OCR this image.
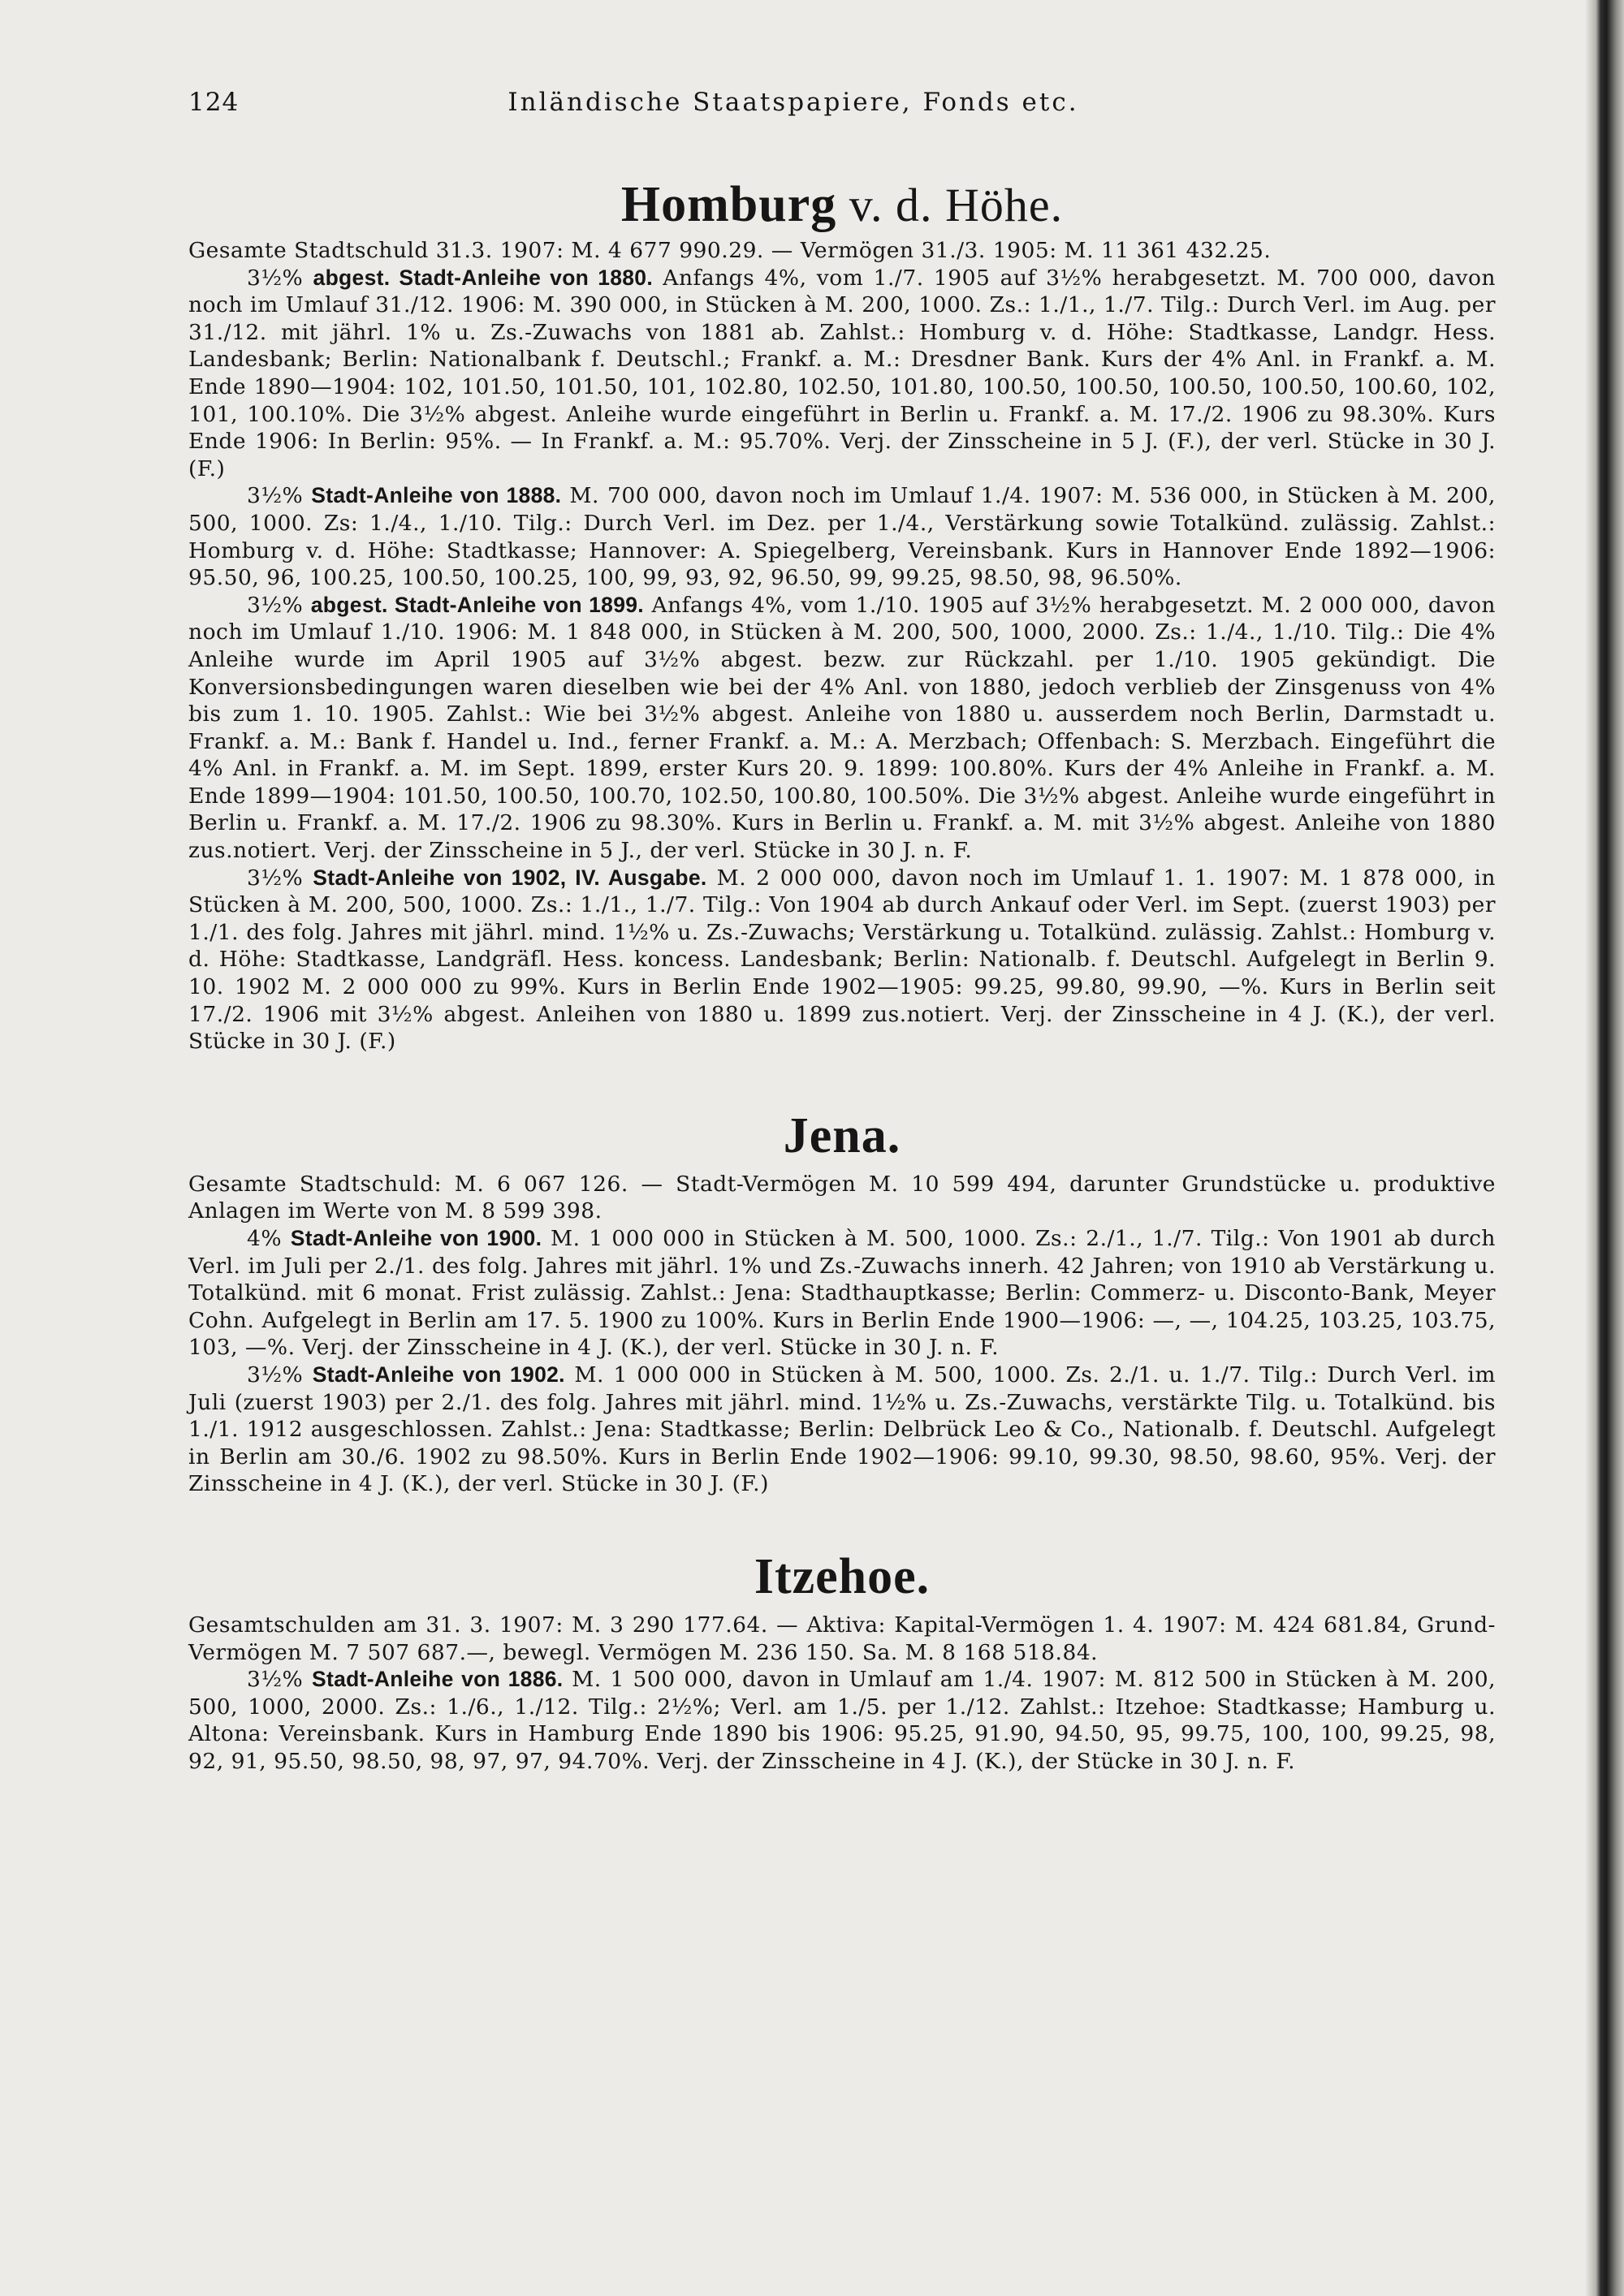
124	Inländische Staatspapiere, Fonds etc.
Homburg v. d. Höhe.

Gesamte Stadtschuld 31.3. 1907: M. 4 677 990.29. — Vermögen 31./3. 1905: M. 11 361 432.25.

3½% abgest. Stadt-Anleihe von 1880. Anfangs 4%, vom 1./7. 1905 auf 3½% herabgesetzt. M. 700 000, davon noch im Umlauf 31./12. 1906: M. 390 000, in Stücken à M. 200, 1000. Zs.: 1./1., 1./7. Tilg.: Durch Verl. im Aug. per 31./12. mit jährl. 1% u. Zs.-Zuwachs von 1881 ab. Zahlst.: Homburg v. d. Höhe: Stadtkasse, Landgr. Hess. Landesbank; Berlin: Nationalbank f. Deutschl.; Frankf. a. M.: Dresdner Bank. Kurs der 4% Anl. in Frankf. a. M. Ende 1890—1904: 102, 101.50, 101.50, 101, 102.80, 102.50, 101.80, 100.50, 100.50, 100.50, 100.50, 100.60, 102, 101, 100.10%. Die 3½% abgest. Anleihe wurde eingeführt in Berlin u. Frankf. a. M. 17./2. 1906 zu 98.30%. Kurs Ende 1906: In Berlin: 95%. — In Frankf. a. M.: 95.70%. Verj. der Zinsscheine in 5 J. (F.), der verl. Stücke in 30 J. (F.)

3½% Stadt-Anleihe von 1888. M. 700 000, davon noch im Umlauf 1./4. 1907: M. 536 000, in Stücken à M. 200, 500, 1000. Zs: 1./4., 1./10. Tilg.: Durch Verl. im Dez. per 1./4., Verstärkung sowie Totalkünd. zulässig. Zahlst.: Homburg v. d. Höhe: Stadtkasse; Hannover: A. Spiegelberg, Vereinsbank. Kurs in Hannover Ende 1892—1906: 95.50, 96, 100.25, 100.50, 100.25, 100, 99, 93, 92, 96.50, 99, 99.25, 98.50, 98, 96.50%.

3½% abgest. Stadt-Anleihe von 1899. Anfangs 4%, vom 1./10. 1905 auf 3½% herabgesetzt. M. 2 000 000, davon noch im Umlauf 1./10. 1906: M. 1 848 000, in Stücken à M. 200, 500, 1000, 2000. Zs.: 1./4., 1./10. Tilg.: Die 4% Anleihe wurde im April 1905 auf 3½% abgest. bezw. zur Rückzahl. per 1./10. 1905 gekündigt. Die Konversionsbedingungen waren dieselben wie bei der 4% Anl. von 1880, jedoch verblieb der Zinsgenuss von 4% bis zum 1. 10. 1905. Zahlst.: Wie bei 3½% abgest. Anleihe von 1880 u. ausserdem noch Berlin, Darmstadt u. Frankf. a. M.: Bank f. Handel u. Ind., ferner Frankf. a. M.: A. Merzbach; Offenbach: S. Merzbach. Eingeführt die 4% Anl. in Frankf. a. M. im Sept. 1899, erster Kurs 20. 9. 1899: 100.80%. Kurs der 4% Anleihe in Frankf. a. M. Ende 1899—1904: 101.50, 100.50, 100.70, 102.50, 100.80, 100.50%. Die 3½% abgest. Anleihe wurde eingeführt in Berlin u. Frankf. a. M. 17./2. 1906 zu 98.30%. Kurs in Berlin u. Frankf. a. M. mit 3½% abgest. Anleihe von 1880 zus.notiert. Verj. der Zinsscheine in 5 J., der verl. Stücke in 30 J. n. F.

3½% Stadt-Anleihe von 1902, IV. Ausgabe. M. 2 000 000, davon noch im Umlauf 1. 1. 1907: M. 1 878 000, in Stücken à M. 200, 500, 1000. Zs.: 1./1., 1./7. Tilg.: Von 1904 ab durch Ankauf oder Verl. im Sept. (zuerst 1903) per 1./1. des folg. Jahres mit jährl. mind. 1½% u. Zs.-Zuwachs; Verstärkung u. Totalkünd. zulässig. Zahlst.: Homburg v. d. Höhe: Stadtkasse, Landgräfl. Hess. koncess. Landesbank; Berlin: Nationalb. f. Deutschl. Aufgelegt in Berlin 9. 10. 1902 M. 2 000 000 zu 99%. Kurs in Berlin Ende 1902—1905: 99.25, 99.80, 99.90, —%. Kurs in Berlin seit 17./2. 1906 mit 3½% abgest. Anleihen von 1880 u. 1899 zus.notiert. Verj. der Zinsscheine in 4 J. (K.), der verl. Stücke in 30 J. (F.)

Jena.

Gesamte Stadtschuld: M. 6 067 126. — Stadt-Vermögen M. 10 599 494, darunter Grundstücke u. produktive Anlagen im Werte von M. 8 599 398.

4% Stadt-Anleihe von 1900. M. 1 000 000 in Stücken à M. 500, 1000. Zs.: 2./1., 1./7. Tilg.: Von 1901 ab durch Verl. im Juli per 2./1. des folg. Jahres mit jährl. 1% und Zs.-Zuwachs innerh. 42 Jahren; von 1910 ab Verstärkung u. Totalkünd. mit 6 monat. Frist zulässig. Zahlst.: Jena: Stadthauptkasse; Berlin: Commerz- u. Disconto-Bank, Meyer Cohn. Aufgelegt in Berlin am 17. 5. 1900 zu 100%. Kurs in Berlin Ende 1900—1906: —, —, 104.25, 103.25, 103.75, 103, —%. Verj. der Zinsscheine in 4 J. (K.), der verl. Stücke in 30 J. n. F.

3½% Stadt-Anleihe von 1902. M. 1 000 000 in Stücken à M. 500, 1000. Zs. 2./1. u. 1./7. Tilg.: Durch Verl. im Juli (zuerst 1903) per 2./1. des folg. Jahres mit jährl. mind. 1½% u. Zs.-Zuwachs, verstärkte Tilg. u. Totalkünd. bis 1./1. 1912 ausgeschlossen. Zahlst.: Jena: Stadtkasse; Berlin: Delbrück Leo & Co., Nationalb. f. Deutschl. Aufgelegt in Berlin am 30./6. 1902 zu 98.50%. Kurs in Berlin Ende 1902—1906: 99.10, 99.30, 98.50, 98.60, 95%. Verj. der Zinsscheine in 4 J. (K.), der verl. Stücke in 30 J. (F.)

Itzehoe.

Gesamtschulden am 31. 3. 1907: M. 3 290 177.64. — Aktiva: Kapital-Vermögen 1. 4. 1907: M. 424 681.84, Grund-Vermögen M. 7 507 687.—, bewegl. Vermögen M. 236 150. Sa. M. 8 168 518.84.

3½% Stadt-Anleihe von 1886. M. 1 500 000, davon in Umlauf am 1./4. 1907: M. 812 500 in Stücken à M. 200, 500, 1000, 2000. Zs.: 1./6., 1./12. Tilg.: 2½%; Verl. am 1./5. per 1./12. Zahlst.: Itzehoe: Stadtkasse; Hamburg u. Altona: Vereinsbank. Kurs in Hamburg Ende 1890 bis 1906: 95.25, 91.90, 94.50, 95, 99.75, 100, 100, 99.25, 98, 92, 91, 95.50, 98.50, 98, 97, 97, 94.70%. Verj. der Zinsscheine in 4 J. (K.), der Stücke in 30 J. n. F.
